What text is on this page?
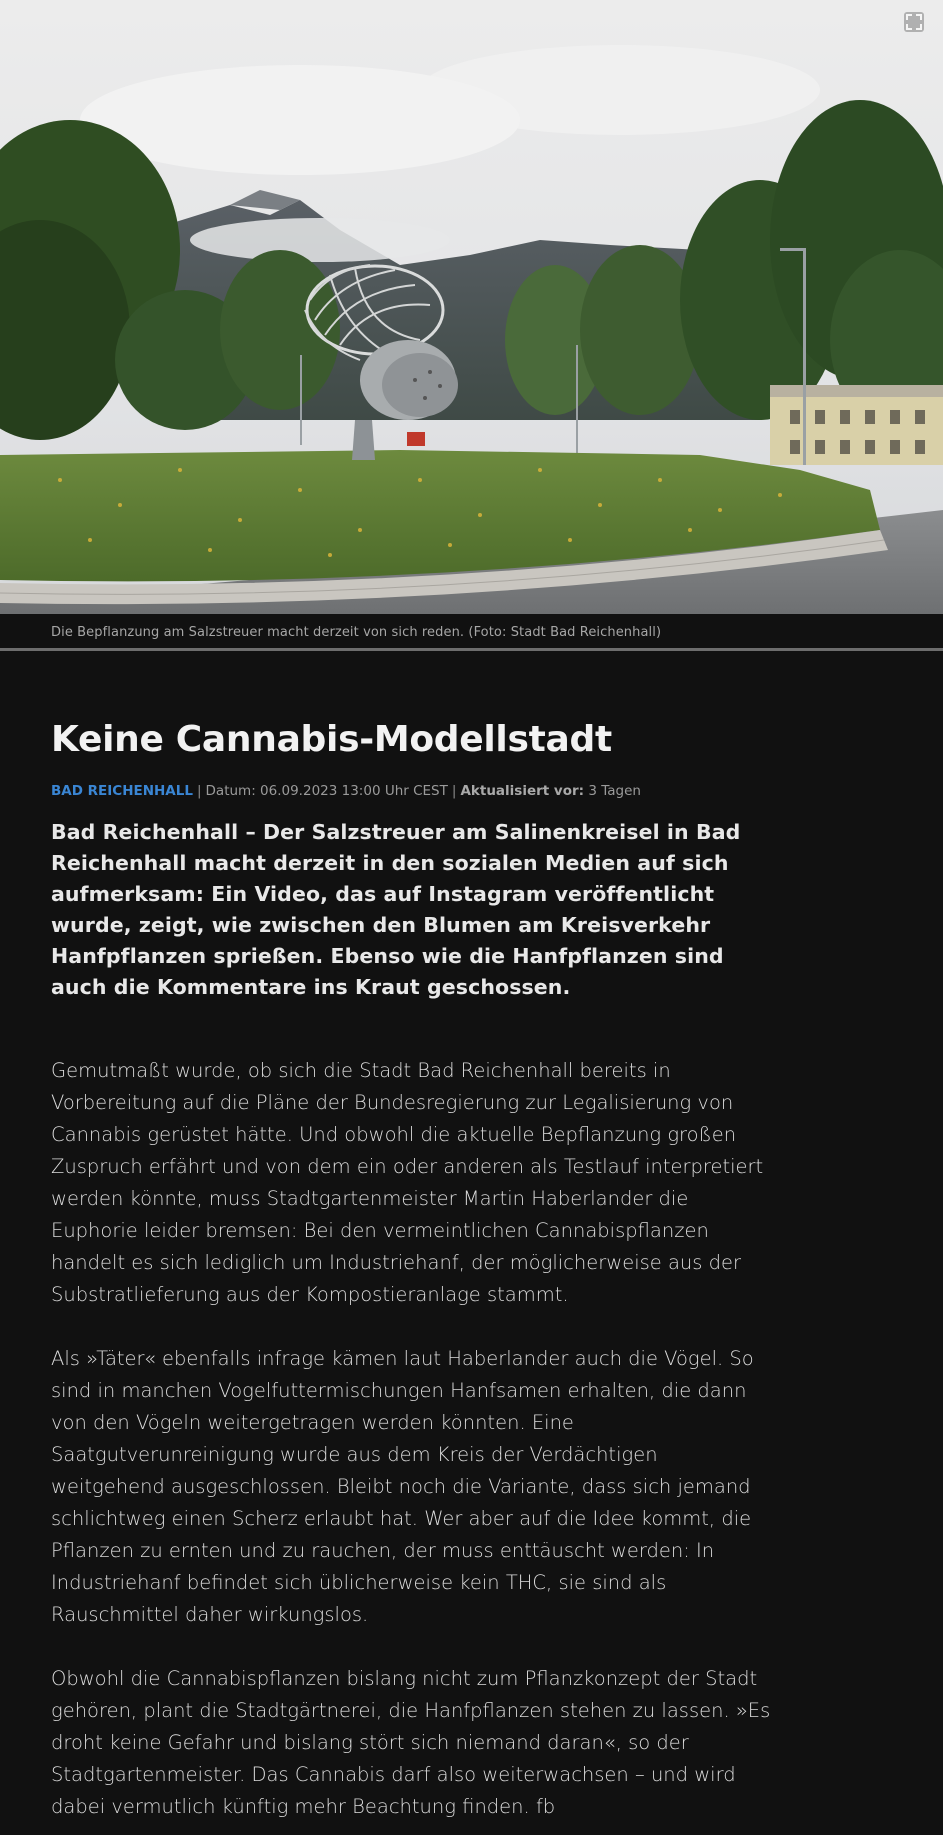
Die Bepflanzung am Salzstreuer macht derzeit von sich reden. (Foto: Stadt Bad Reichenhall)
Keine Cannabis-Modellstadt
BAD REICHENHALL | Datum: 06.09.2023 13:00 Uhr CEST | Aktualisiert vor: 3 Tagen
Bad Reichenhall – Der Salzstreuer am Salinenkreisel in Bad Reichenhall macht derzeit in den sozialen Medien auf sich aufmerksam: Ein Video, das auf Instagram veröffentlicht wurde, zeigt, wie zwischen den Blumen am Kreisverkehr Hanfpflanzen sprießen. Ebenso wie die Hanfpflanzen sind auch die Kommentare ins Kraut geschossen.

Gemutmaßt wurde, ob sich die Stadt Bad Reichenhall bereits in Vorbereitung auf die Pläne der Bundesregierung zur Legalisierung von Cannabis gerüstet hätte. Und obwohl die aktuelle Bepflanzung großen Zuspruch erfährt und von dem ein oder anderen als Testlauf interpretiert werden könnte, muss Stadtgartenmeister Martin Haberlander die Euphorie leider bremsen: Bei den vermeintlichen Cannabispflanzen handelt es sich lediglich um Industriehanf, der möglicherweise aus der Substratlieferung aus der Kompostieranlage stammt.

Als »Täter« ebenfalls infrage kämen laut Haberlander auch die Vögel. So sind in manchen Vogelfuttermischungen Hanfsamen erhalten, die dann von den Vögeln weitergetragen werden könnten. Eine Saatgutverunreinigung wurde aus dem Kreis der Verdächtigen weitgehend ausgeschlossen. Bleibt noch die Variante, dass sich jemand schlichtweg einen Scherz erlaubt hat. Wer aber auf die Idee kommt, die Pflanzen zu ernten und zu rauchen, der muss enttäuscht werden: In Industriehanf befindet sich üblicherweise kein THC, sie sind als Rauschmittel daher wirkungslos.

Obwohl die Cannabispflanzen bislang nicht zum Pflanzkonzept der Stadt gehören, plant die Stadtgärtnerei, die Hanfpflanzen stehen zu lassen. »Es droht keine Gefahr und bislang stört sich niemand daran«, so der Stadtgartenmeister. Das Cannabis darf also weiterwachsen – und wird dabei vermutlich künftig mehr Beachtung finden. fb
